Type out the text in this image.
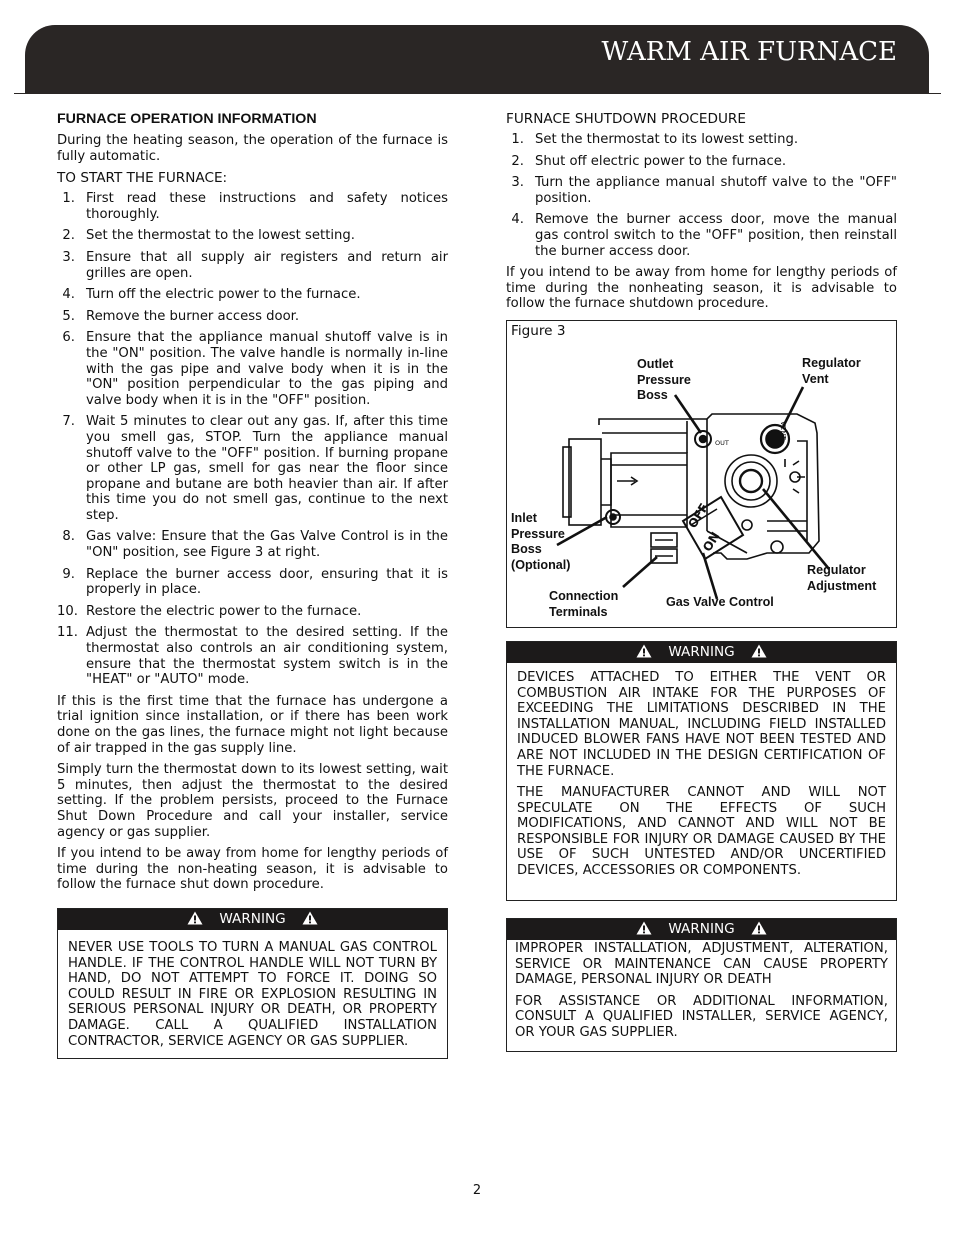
WARM AIR FURNACE
FURNACE OPERATION INFORMATION

During the heating season, the operation of the furnace is fully automatic.

TO START THE FURNACE:
1. First read these instructions and safety notices thoroughly.
2. Set the thermostat to the lowest setting.
3. Ensure that all supply air registers and return air grilles are open.
4. Turn off the electric power to the furnace.
5. Remove the burner access door.
6. Ensure that the appliance manual shutoff valve is in the "ON" position. The valve handle is normally in-line with the gas pipe and valve body when it is in the "ON" position perpendicular to the gas piping and valve body when it is in the "OFF" position.
7. Wait 5 minutes to clear out any gas. If, after this time you smell gas, STOP. Turn the appliance manual shutoff valve to the "OFF" position. If burning propane or other LP gas, smell for gas near the floor since propane and butane are both heavier than air. If after this time you do not smell gas, continue to the next step.
8. Gas valve: Ensure that the Gas Valve Control is in the "ON" position, see Figure 3 at right.
9. Replace the burner access door, ensuring that it is properly in place.
10. Restore the electric power to the furnace.
11. Adjust the thermostat to the desired setting. If the thermostat also controls an air conditioning system, ensure that the thermostat system switch is in the "HEAT" or "AUTO" mode.

If this is the first time that the furnace has undergone a trial ignition since installation, or if there has been work done on the gas lines, the furnace might not light because of air trapped in the gas supply line.

Simply turn the thermostat down to its lowest setting, wait 5 minutes, then adjust the thermostat to the desired setting. If the problem persists, proceed to the Furnace Shut Down Procedure and call your installer, service agency or gas supplier.

If you intend to be away from home for lengthy periods of time during the non-heating season, it is advisable to follow the furnace shut down procedure.

WARNING

NEVER USE TOOLS TO TURN A MANUAL GAS CONTROL HANDLE. IF THE CONTROL HANDLE WILL NOT TURN BY HAND, DO NOT ATTEMPT TO FORCE IT. DOING SO COULD RESULT IN FIRE OR EXPLOSION RESULTING IN SERIOUS PERSONAL INJURY OR DEATH, OR PROPERTY DAMAGE. CALL A QUALIFIED INSTALLATION CONTRACTOR, SERVICE AGENCY OR GAS SUPPLIER.

FURNACE SHUTDOWN PROCEDURE
1. Set the thermostat to its lowest setting.
2. Shut off electric power to the furnace.
3. Turn the appliance manual shutoff valve to the "OFF" position.
4. Remove the burner access door, move the manual gas control switch to the "OFF" position, then reinstall the burner access door.

If you intend to be away from home for lengthy periods of time during the nonheating season, it is advisable to follow the furnace shutdown procedure.

Figure 3
VENT
OFF
ON
OUT
Outlet
Pressure
Boss
Regulator
Vent
Inlet
Pressure
Boss
(Optional)	Regulator
Adjustment
Connection
Terminals
Gas Valve Control
WARNING

DEVICES ATTACHED TO EITHER THE VENT OR COMBUSTION AIR INTAKE FOR THE PURPOSES OF EXCEEDING THE LIMITATIONS DESCRIBED IN THE INSTALLATION MANUAL, INCLUDING FIELD INSTALLED INDUCED BLOWER FANS HAVE NOT BEEN TESTED AND ARE NOT INCLUDED IN THE DESIGN CERTIFICATION OF THE FURNACE.

THE MANUFACTURER CANNOT AND WILL NOT SPECULATE ON THE EFFECTS OF SUCH MODIFICATIONS, AND CANNOT AND WILL NOT BE RESPONSIBLE FOR INJURY OR DAMAGE CAUSED BY THE USE OF SUCH UNTESTED AND/OR UNCERTIFIED DEVICES, ACCESSORIES OR COMPONENTS.

WARNING

IMPROPER INSTALLATION, ADJUSTMENT, ALTERATION, SERVICE OR MAINTENANCE CAN CAUSE PROPERTY DAMAGE, PERSONAL INJURY OR DEATH

FOR ASSISTANCE OR ADDITIONAL INFORMATION, CONSULT A QUALIFIED INSTALLER, SERVICE AGENCY, OR YOUR GAS SUPPLIER.

2
